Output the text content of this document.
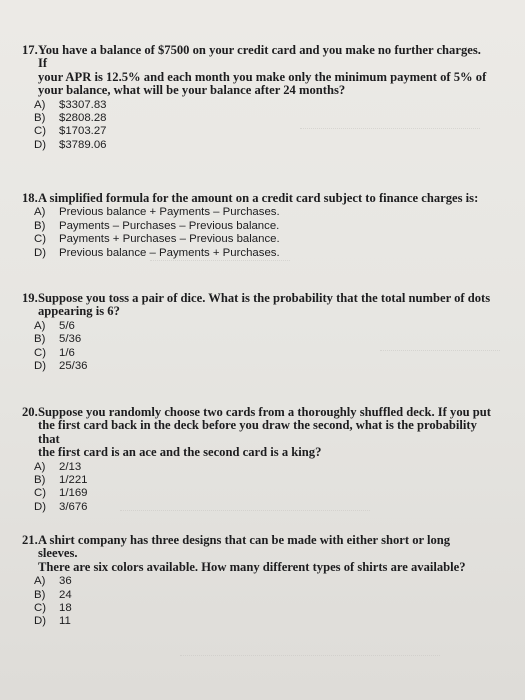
17. You have a balance of $7500 on your credit card and you make no further charges. If
your APR is 12.5% and each month you make only the minimum payment of 5% of
your balance, what will be your balance after 24 months?
A)	$3307.83
B)	$2808.28
C)	$1703.27
D)	$3789.06
18. A simplified formula for the amount on a credit card subject to finance charges is:
A)	Previous balance + Payments – Purchases.
B)	Payments – Purchases – Previous balance.
C)	Payments + Purchases – Previous balance.
D)	Previous balance – Payments + Purchases.
19. Suppose you toss a pair of dice. What is the probability that the total number of dots
appearing is 6?
A)	5/6
B)	5/36
C)	1/6
D)	25/36
20. Suppose you randomly choose two cards from a thoroughly shuffled deck. If you put
the first card back in the deck before you draw the second, what is the probability that
the first card is an ace and the second card is a king?
A)	2/13
B)	1/221
C)	1/169
D)	3/676
21. A shirt company has three designs that can be made with either short or long sleeves.
There are six colors available. How many different types of shirts are available?
A)	36
B)	24
C)	18
D)	11
